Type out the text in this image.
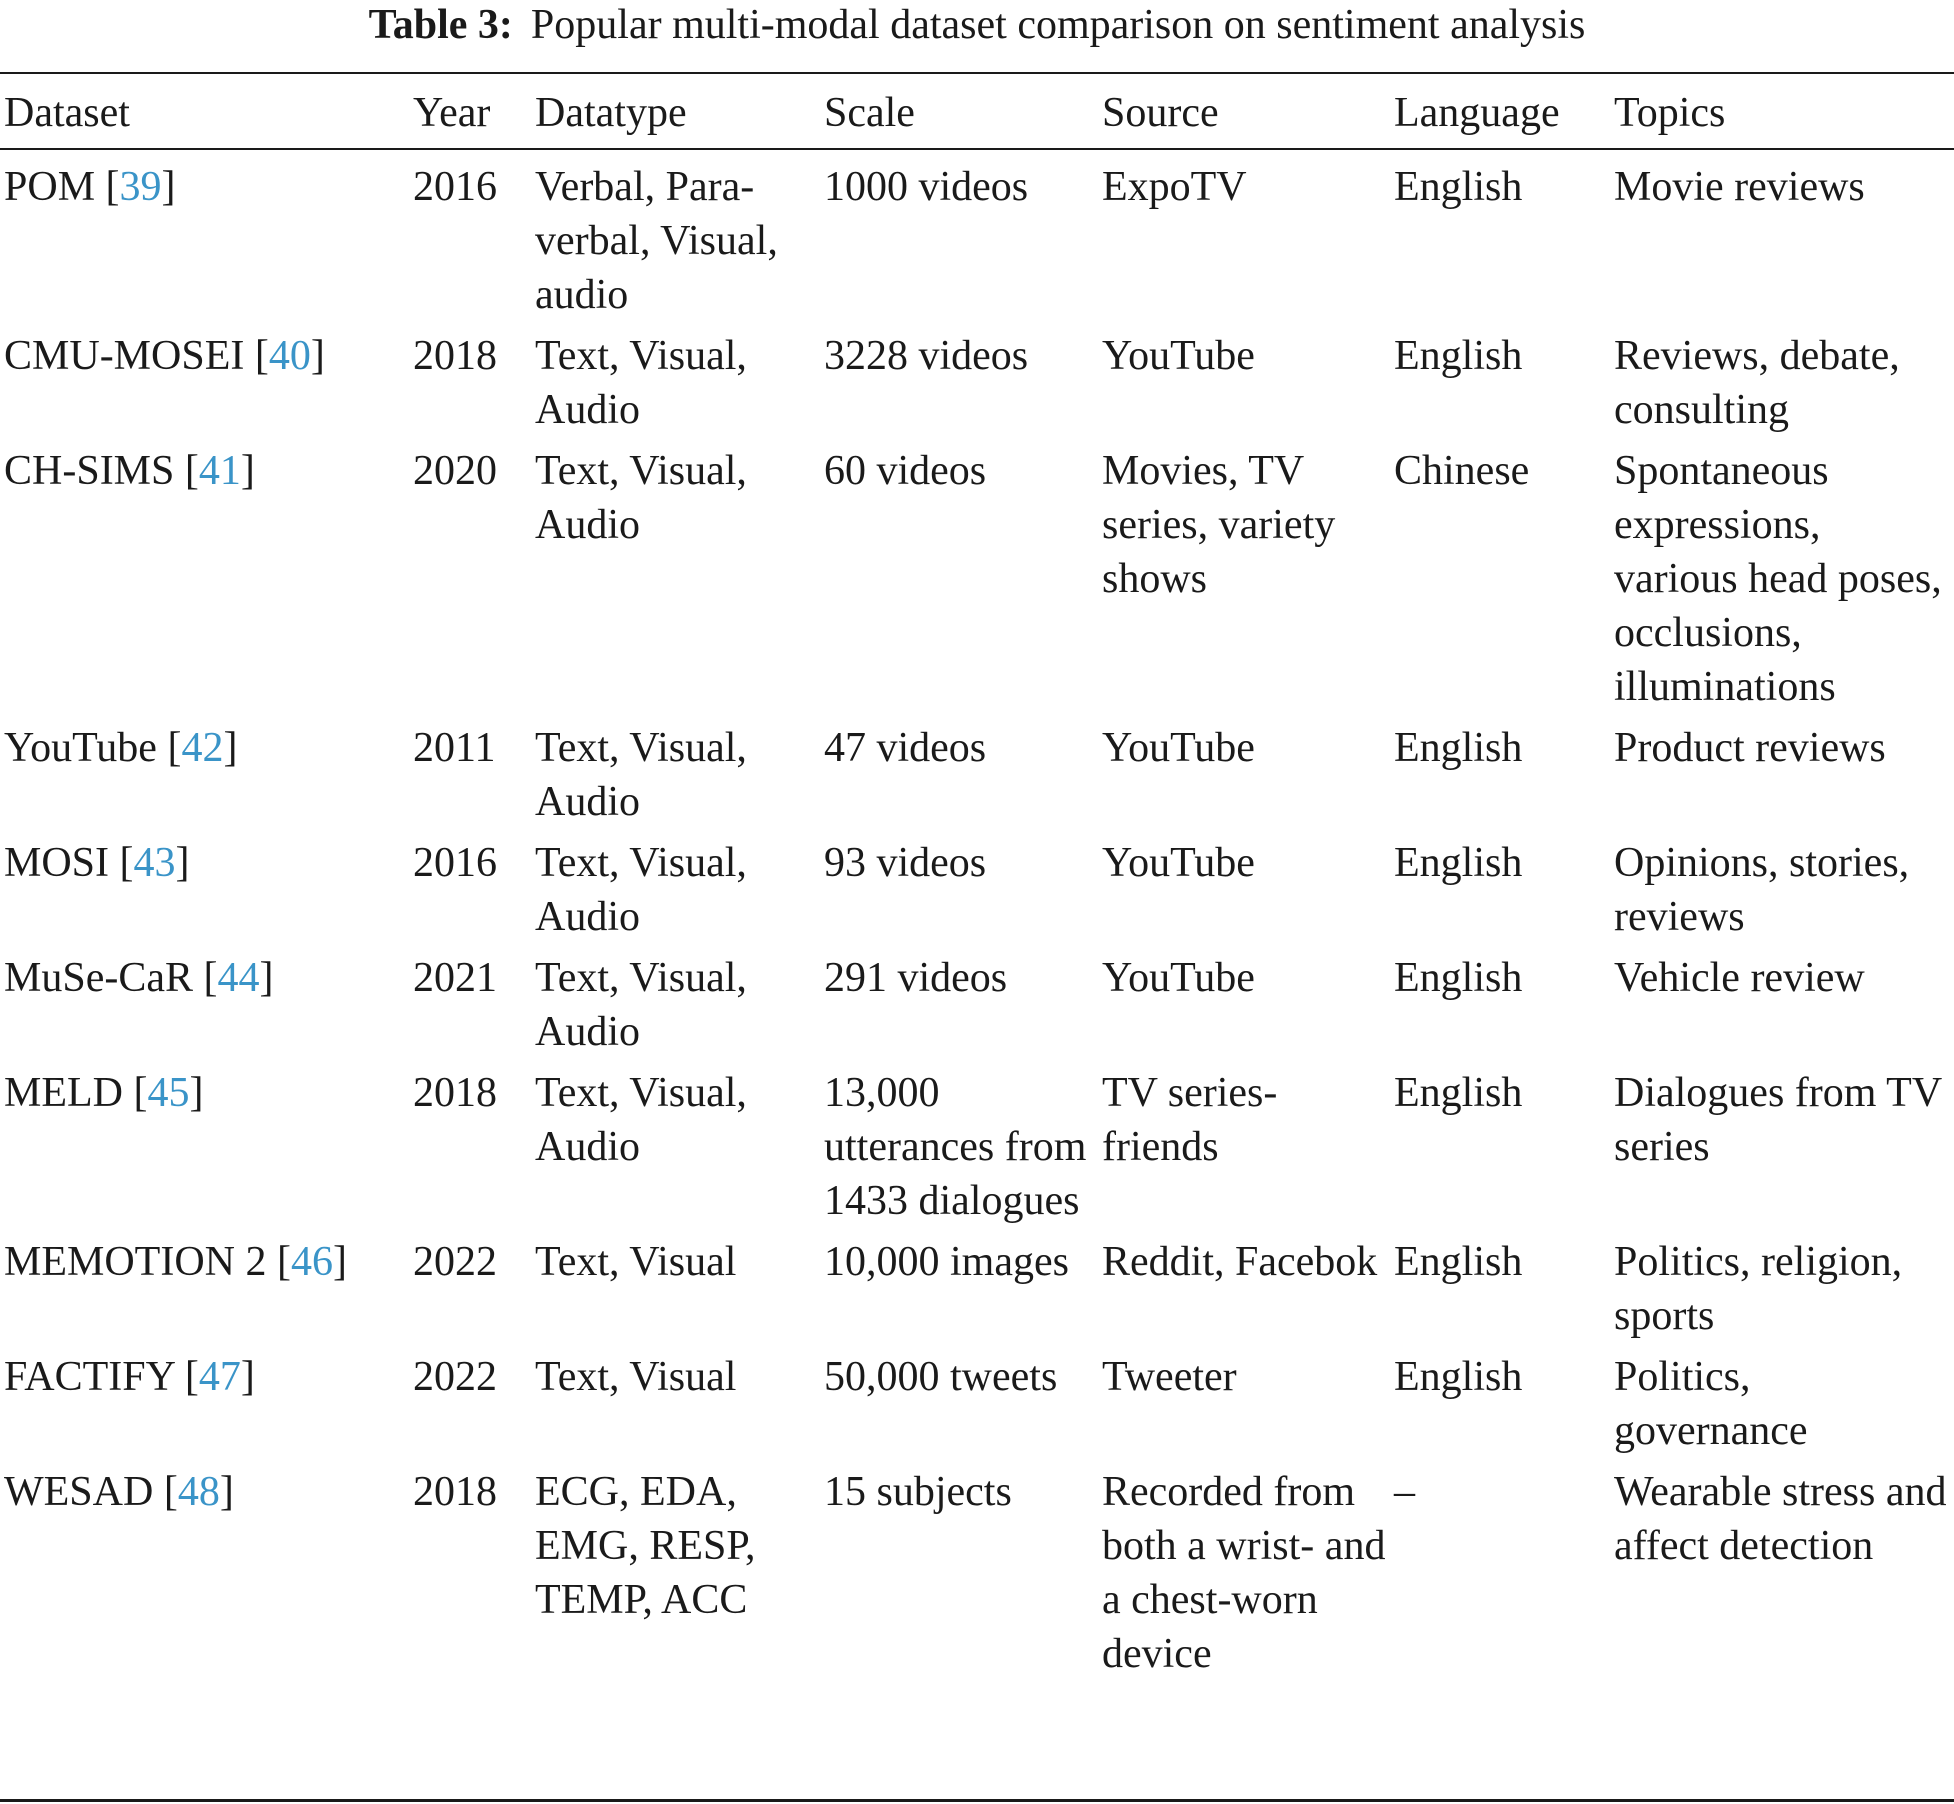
Table 3: Popular multi-modal dataset comparison on sentiment analysis
Dataset	Year	Datatype	Scale	Source	Language	Topics
POM [39]	2016	Verbal, Para-verbal, Visual, audio	1000 videos	ExpoTV	English	Movie reviews
CMU-MOSEI [40]	2018	Text, Visual, Audio	3228 videos	YouTube	English	Reviews, debate, consulting
CH-SIMS [41]	2020	Text, Visual, Audio	60 videos	Movies, TV series, variety shows	Chinese	Spontaneous expressions, various head poses, occlusions, illuminations
YouTube [42]	2011	Text, Visual, Audio	47 videos	YouTube	English	Product reviews
MOSI [43]	2016	Text, Visual, Audio	93 videos	YouTube	English	Opinions, stories, reviews
MuSe-CaR [44]	2021	Text, Visual, Audio	291 videos	YouTube	English	Vehicle review
MELD [45]	2018	Text, Visual, Audio	13,000 utterances from 1433 dialogues	TV series-friends	English	Dialogues from TV series
MEMOTION 2 [46]	2022	Text, Visual	10,000 images	Reddit, Facebok	English	Politics, religion, sports
FACTIFY [47]	2022	Text, Visual	50,000 tweets	Tweeter	English	Politics, governance
WESAD [48]	2018	ECG, EDA, EMG, RESP, TEMP, ACC	15 subjects	Recorded from both a wrist- and a chest-worn device	–	Wearable stress and affect detection
